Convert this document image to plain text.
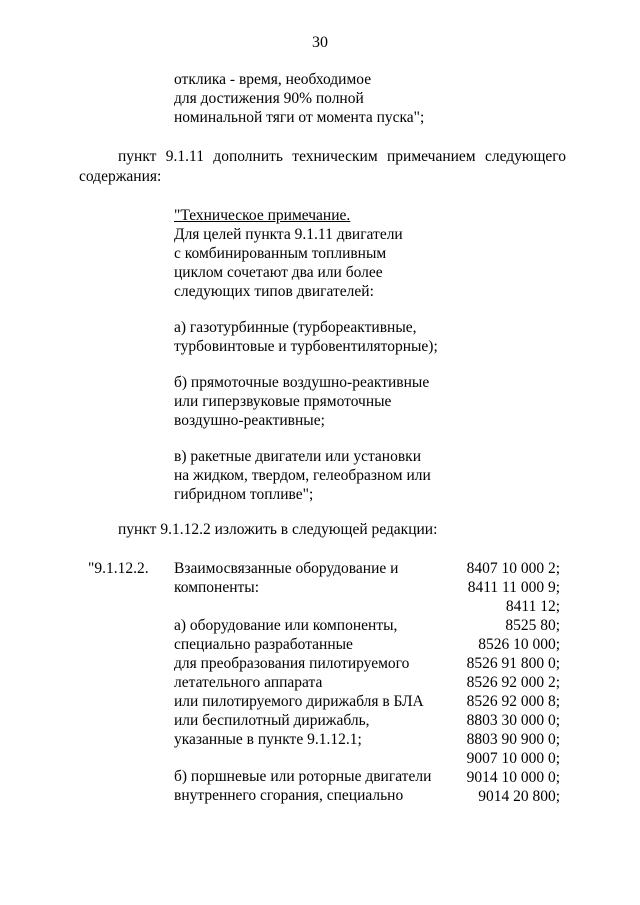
30
отклика - время, необходимое
для достижения 90% полной
номинальной тяги от момента пуска";
пункт 9.1.11 дополнить техническим примечанием следующего
содержания:
"Техническое примечание.
Для целей пункта 9.1.11 двигатели
с комбинированным топливным
циклом сочетают два или более
следующих типов двигателей:
а) газотурбинные (турбореактивные,
турбовинтовые и турбовентиляторные);
б) прямоточные воздушно-реактивные
или гиперзвуковые прямоточные
воздушно-реактивные;
в) ракетные двигатели или установки
на жидком, твердом, гелеобразном или
гибридном топливе";
пункт 9.1.12.2 изложить в следующей редакции:
"9.1.12.2. Взаимосвязанные оборудование и
компоненты:
а) оборудование или компоненты,
специально разработанные
для преобразования пилотируемого
летательного аппарата
или пилотируемого дирижабля в БЛА
или беспилотный дирижабль,
указанные в пункте 9.1.12.1;
б) поршневые или роторные двигатели
внутреннего сгорания, специально
8407 10 000 2;
8411 11 000 9;
8411 12;
8525 80;
8526 10 000;
8526 91 800 0;
8526 92 000 2;
8526 92 000 8;
8803 30 000 0;
8803 90 900 0;
9007 10 000 0;
9014 10 000 0;
9014 20 800;
